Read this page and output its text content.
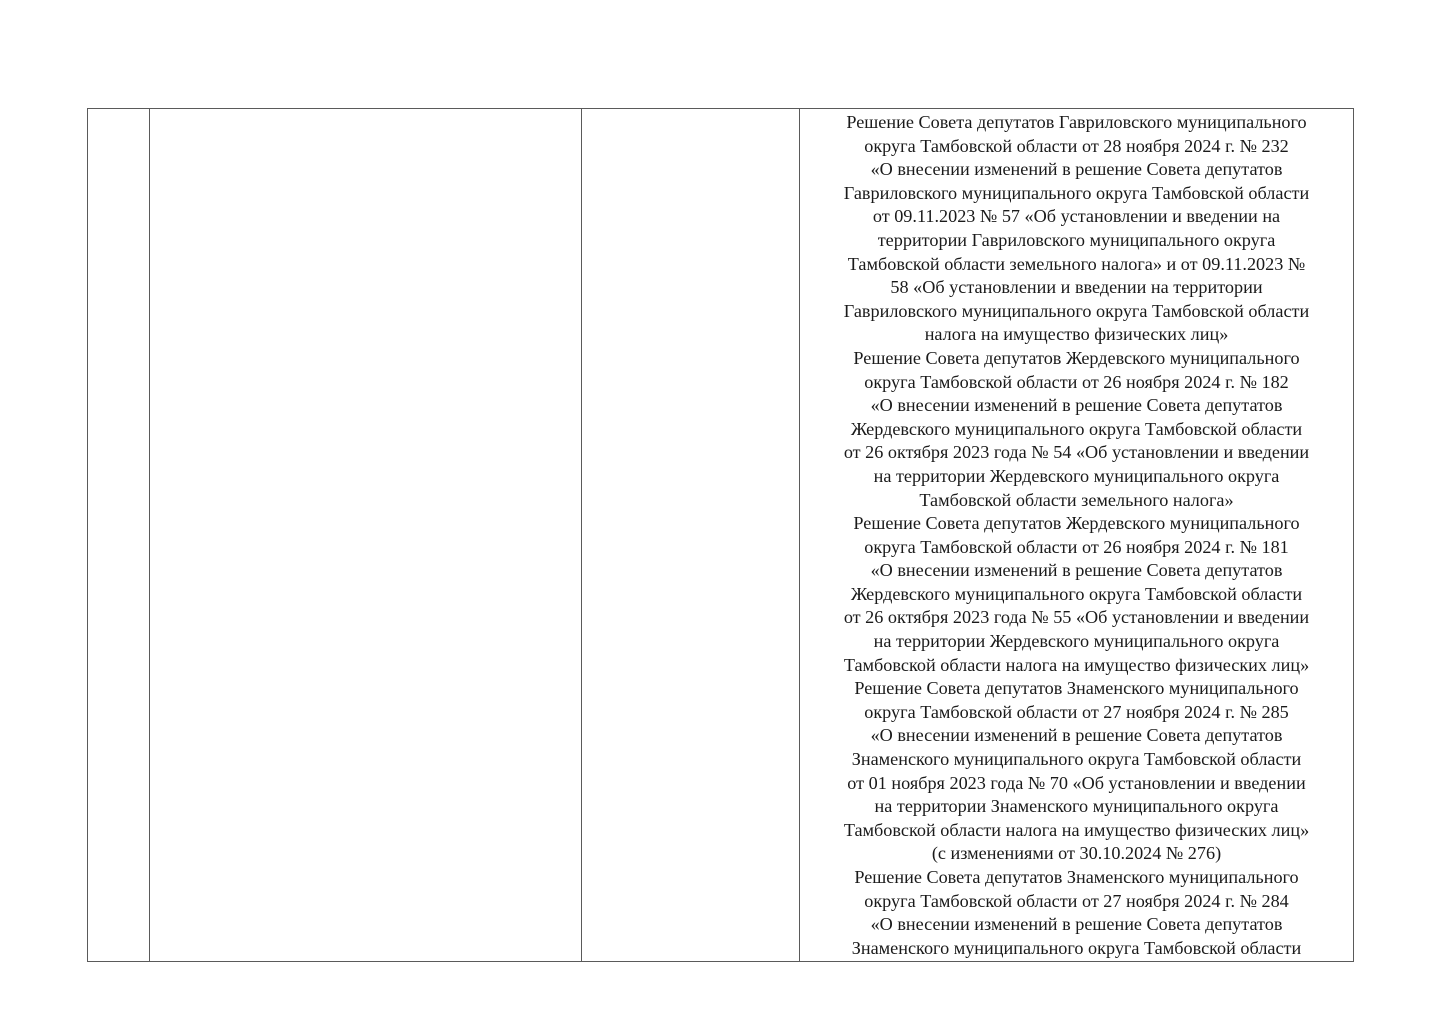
Решение Совета депутатов Гавриловского муниципального
округа Тамбовской области от 28 ноября 2024 г. № 232
«О внесении изменений в решение Совета депутатов
Гавриловского муниципального округа Тамбовской области
от 09.11.2023 № 57 «Об установлении и введении на
территории Гавриловского муниципального округа
Тамбовской области земельного налога» и от 09.11.2023 №
58 «Об установлении и введении на территории
Гавриловского муниципального округа Тамбовской области
налога на имущество физических лиц»
Решение Совета депутатов Жердевского муниципального
округа Тамбовской области от 26 ноября 2024 г. № 182
«О внесении изменений в решение Совета депутатов
Жердевского муниципального округа Тамбовской области
от 26 октября 2023 года № 54 «Об установлении и введении
на территории Жердевского муниципального округа
Тамбовской области земельного налога»
Решение Совета депутатов Жердевского муниципального
округа Тамбовской области от 26 ноября 2024 г. № 181
«О внесении изменений в решение Совета депутатов
Жердевского муниципального округа Тамбовской области
от 26 октября 2023 года № 55 «Об установлении и введении
на территории Жердевского муниципального округа
Тамбовской области налога на имущество физических лиц»
Решение Совета депутатов Знаменского муниципального
округа Тамбовской области от 27 ноября 2024 г. № 285
«О внесении изменений в решение Совета депутатов
Знаменского муниципального округа Тамбовской области
от 01 ноября 2023 года № 70 «Об установлении и введении
на территории Знаменского муниципального округа
Тамбовской области налога на имущество физических лиц»
(с изменениями от 30.10.2024 № 276)
Решение Совета депутатов Знаменского муниципального
округа Тамбовской области от 27 ноября 2024 г. № 284
«О внесении изменений в решение Совета депутатов
Знаменского муниципального округа Тамбовской области
